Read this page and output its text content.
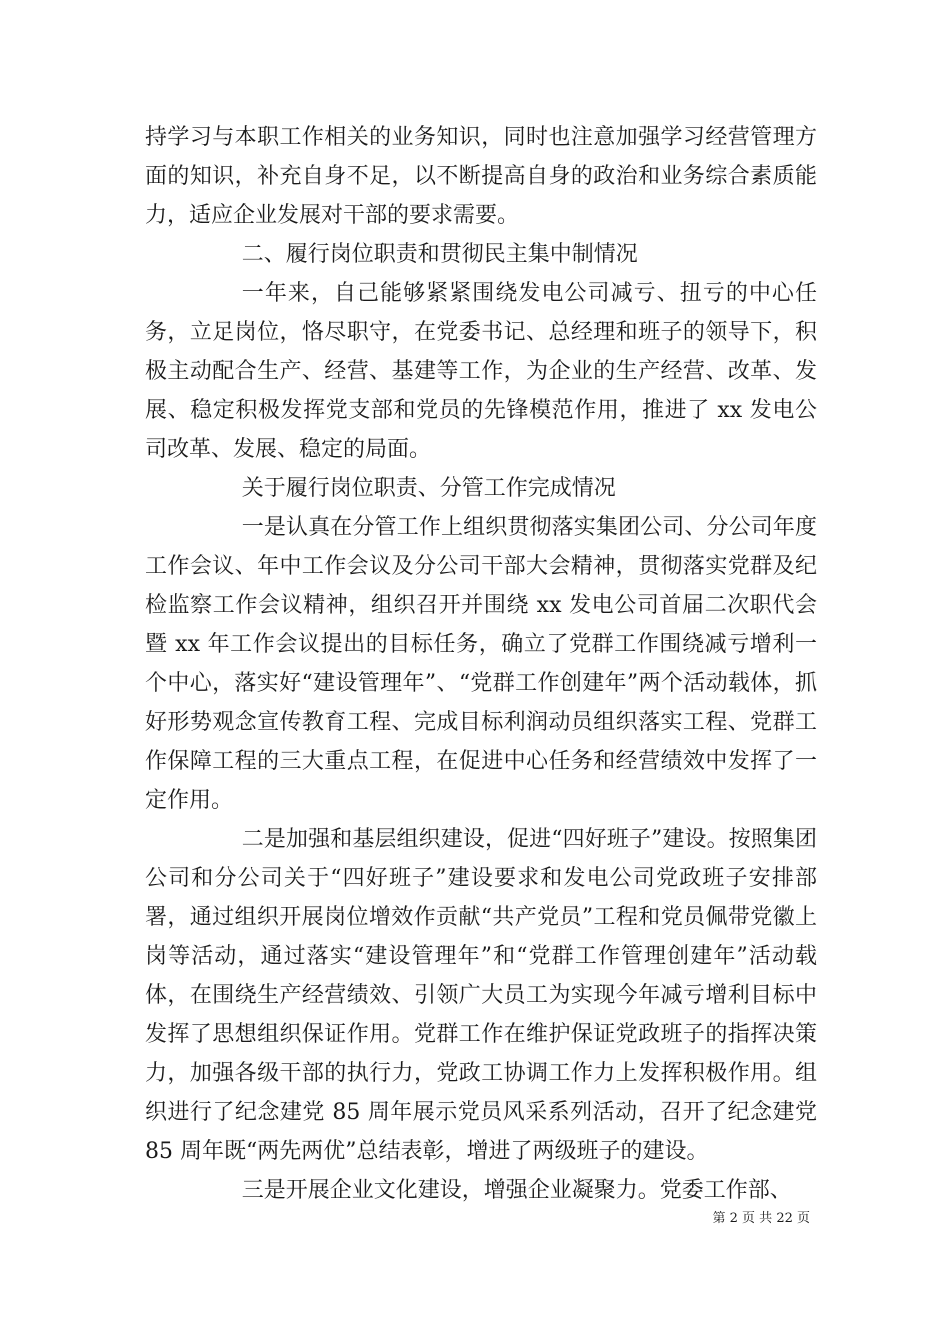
持学习与本职工作相关的业务知识，同时也注意加强学习经营管理方面的知识，补充自身不足，以不断提高自身的政治和业务综合素质能力，适应企业发展对干部的要求需要。

二、履行岗位职责和贯彻民主集中制情况

一年来，自己能够紧紧围绕发电公司减亏、扭亏的中心任务，立足岗位，恪尽职守，在党委书记、总经理和班子的领导下，积极主动配合生产、经营、基建等工作，为企业的生产经营、改革、发展、稳定积极发挥党支部和党员的先锋模范作用，推进了 xx 发电公司改革、发展、稳定的局面。

关于履行岗位职责、分管工作完成情况

一是认真在分管工作上组织贯彻落实集团公司、分公司年度工作会议、年中工作会议及分公司干部大会精神，贯彻落实党群及纪检监察工作会议精神，组织召开并围绕 xx 发电公司首届二次职代会暨 xx 年工作会议提出的目标任务，确立了党群工作围绕减亏增利一个中心，落实好“建设管理年”、“党群工作创建年”两个活动载体，抓好形势观念宣传教育工程、完成目标利润动员组织落实工程、党群工作保障工程的三大重点工程，在促进中心任务和经营绩效中发挥了一定作用。

二是加强和基层组织建设，促进“四好班子”建设。按照集团公司和分公司关于“四好班子”建设要求和发电公司党政班子安排部署，通过组织开展岗位增效作贡献“共产党员”工程和党员佩带党徽上岗等活动，通过落实“建设管理年”和“党群工作管理创建年”活动载体，在围绕生产经营绩效、引领广大员工为实现今年减亏增利目标中发挥了思想组织保证作用。党群工作在维护保证党政班子的指挥决策力，加强各级干部的执行力，党政工协调工作力上发挥积极作用。组织进行了纪念建党 85 周年展示党员风采系列活动，召开了纪念建党 85 周年既“两先两优”总结表彰，增进了两级班子的建设。

三是开展企业文化建设，增强企业凝聚力。党委工作部、

第 2 页 共 22 页
